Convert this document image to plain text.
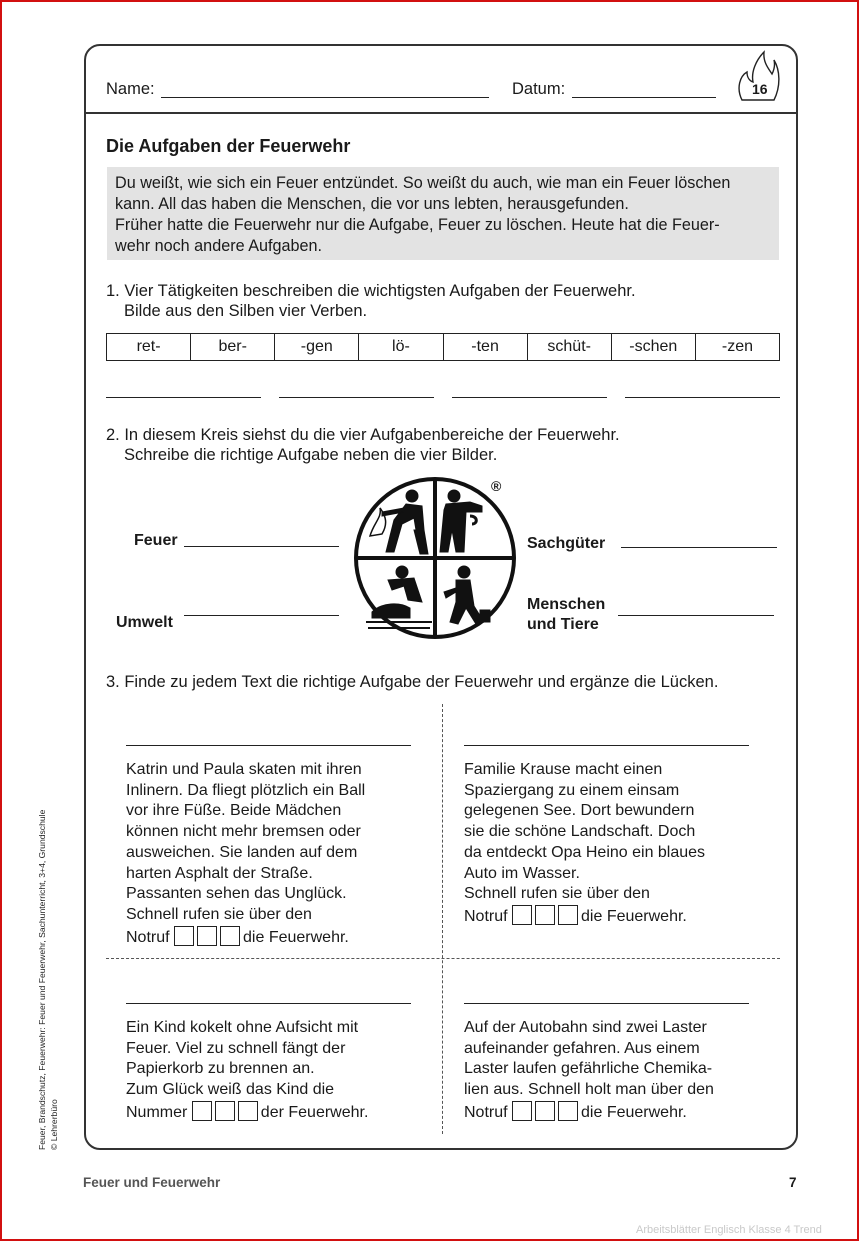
Name:	Datum:	16
Die Aufgaben der Feuerwehr
Du weißt, wie sich ein Feuer entzündet. So weißt du auch, wie man ein Feuer löschen
kann. All das haben die Menschen, die vor uns lebten, herausgefunden.
Früher hatte die Feuerwehr nur die Aufgabe, Feuer zu löschen. Heute hat die Feuer-
wehr noch andere Aufgaben.
1. Vier Tätigkeiten beschreiben die wichtigsten Aufgaben der Feuerwehr.
Bilde aus den Silben vier Verben.
ret-	ber-	-gen	lö-	-ten	schüt-	-schen	-zen
2. In diesem Kreis siehst du die vier Aufgabenbereiche der Feuerwehr.
Schreibe die richtige Aufgabe neben die vier Bilder.
Feuer
Umwelt
Sachgüter
Menschen
und Tiere
®
3. Finde zu jedem Text die richtige Aufgabe der Feuerwehr und ergänze die Lücken.
Katrin und Paula skaten mit ihren
Inlinern. Da fliegt plötzlich ein Ball
vor ihre Füße. Beide Mädchen
können nicht mehr bremsen oder
ausweichen. Sie landen auf dem
harten Asphalt der Straße.
Passanten sehen das Unglück.
Schnell rufen sie über den
Notruf	die Feuerwehr.
Familie Krause macht einen
Spaziergang zu einem einsam
gelegenen See. Dort bewundern
sie die schöne Landschaft. Doch
da entdeckt Opa Heino ein blaues
Auto im Wasser.
Schnell rufen sie über den
Notruf	die Feuerwehr.
Ein Kind kokelt ohne Aufsicht mit
Feuer. Viel zu schnell fängt der
Papierkorb zu brennen an.
Zum Glück weiß das Kind die
Nummer	der Feuerwehr.
Auf der Autobahn sind zwei Laster
aufeinander gefahren. Aus einem
Laster laufen gefährliche Chemika-
lien aus. Schnell holt man über den
Notruf	die Feuerwehr.
Feuer, Brandschutz, Feuerwehr: Feuer und Feuerwehr, Sachunterricht, 3+4, Grundschule © Lehrerbüro
Feuer und Feuerwehr	7
Arbeitsblätter Englisch Klasse 4 Trend
